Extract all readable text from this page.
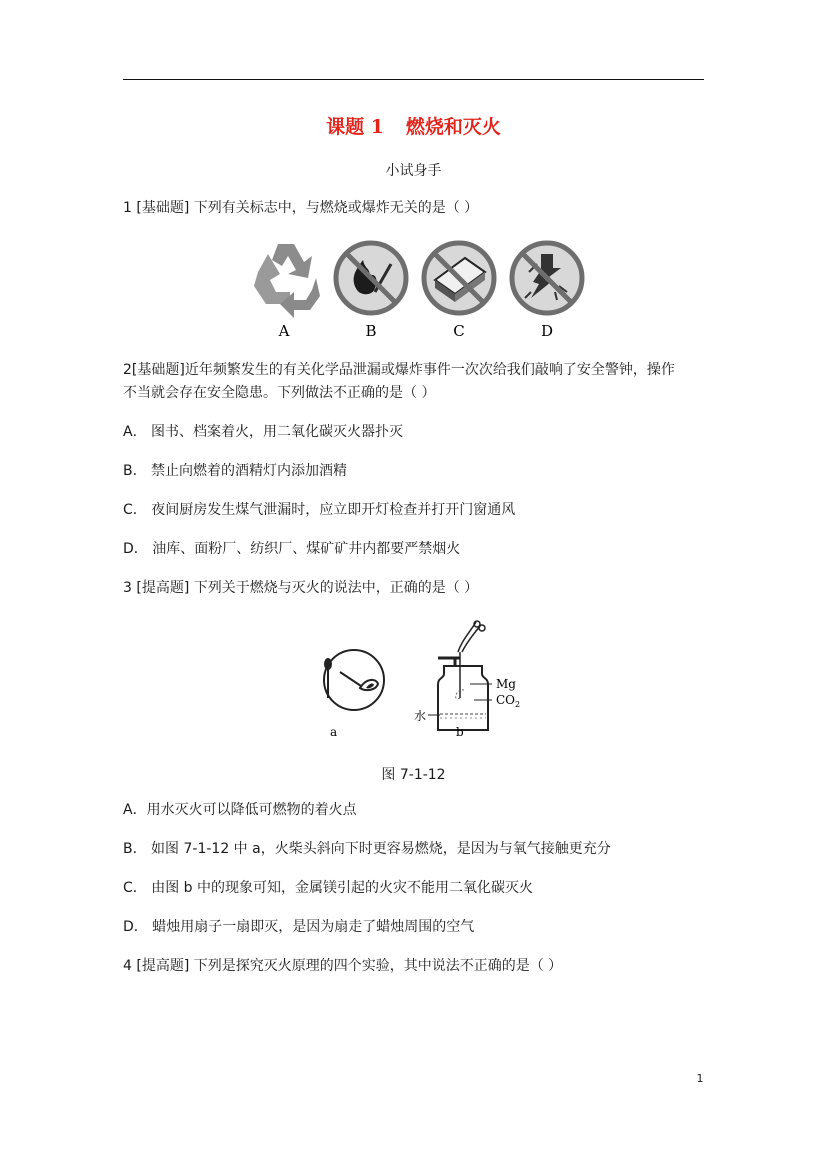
课题 1 燃烧和灭火
小试身手
1 [基础题] 下列有关标志中，与燃烧或爆炸无关的是（ ）
A	B	C	D
2[基础题]近年频繁发生的有关化学品泄漏或爆炸事件一次次给我们敲响了安全警钟，操作
不当就会存在安全隐患。下列做法不正确的是（ ）
A． 图书、档案着火，用二氧化碳灭火器扑灭
B． 禁止向燃着的酒精灯内添加酒精
C． 夜间厨房发生煤气泄漏时，应立即开灯检查并打开门窗通风
D． 油库、面粉厂、纺织厂、煤矿矿井内都要严禁烟火
3 [提高题] 下列关于燃烧与灭火的说法中，正确的是（ ）
a
Mg
$CO_2$
水
b
图 7-1-12
A．用水灭火可以降低可燃物的着火点
B． 如图 7-1-12 中 a，火柴头斜向下时更容易燃烧，是因为与氧气接触更充分
C． 由图 b 中的现象可知，金属镁引起的火灾不能用二氧化碳灭火
D． 蜡烛用扇子一扇即灭，是因为扇走了蜡烛周围的空气
4 [提高题] 下列是探究灭火原理的四个实验，其中说法不正确的是（ ）
1
